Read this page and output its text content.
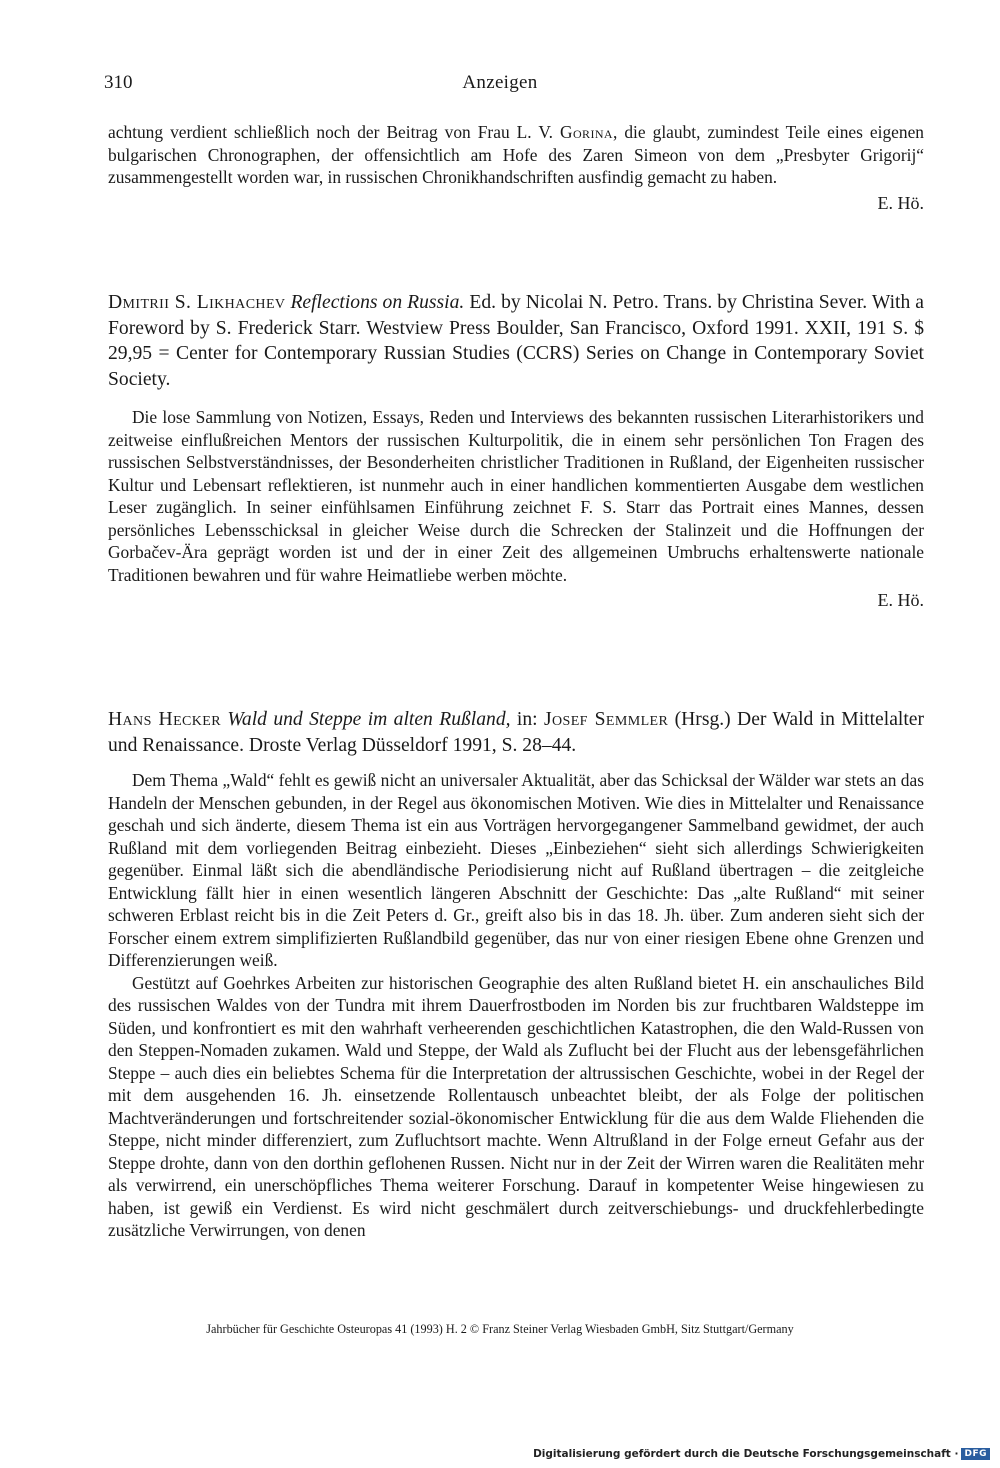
310	Anzeigen

achtung verdient schließlich noch der Beitrag von Frau L. V. Gorina, die glaubt, zumindest Teile eines eigenen bulgarischen Chronographen, der offensichtlich am Hofe des Zaren Simeon von dem „Presbyter Grigorij“ zusammengestellt worden war, in russischen Chronikhandschriften ausfindig gemacht zu haben.

E. Hö.
Dmitrii S. Likhachev Reflections on Russia. Ed. by Nicolai N. Petro. Trans. by Christina Sever. With a Foreword by S. Frederick Starr. Westview Press Boulder, San Francisco, Oxford 1991. XXII, 191 S. $ 29,95 = Center for Contemporary Russian Studies (CCRS) Series on Change in Contemporary Soviet Society.

Die lose Sammlung von Notizen, Essays, Reden und Interviews des bekannten russischen Literarhistorikers und zeitweise einflußreichen Mentors der russischen Kulturpolitik, die in einem sehr persönlichen Ton Fragen des russischen Selbstverständnisses, der Besonderheiten christlicher Traditionen in Rußland, der Eigenheiten russischer Kultur und Lebensart reflektieren, ist nunmehr auch in einer handlichen kommentierten Ausgabe dem westlichen Leser zugänglich. In seiner einfühlsamen Einführung zeichnet F. S. Starr das Portrait eines Mannes, dessen persönliches Lebensschicksal in gleicher Weise durch die Schrecken der Stalinzeit und die Hoffnungen der Gorbačev-Ära geprägt worden ist und der in einer Zeit des allgemeinen Umbruchs erhaltenswerte nationale Traditionen bewahren und für wahre Heimatliebe werben möchte.

E. Hö.
Hans Hecker Wald und Steppe im alten Rußland, in: Josef Semmler (Hrsg.) Der Wald in Mittelalter und Renaissance. Droste Verlag Düsseldorf 1991, S. 28–44.

Dem Thema „Wald“ fehlt es gewiß nicht an universaler Aktualität, aber das Schicksal der Wälder war stets an das Handeln der Menschen gebunden, in der Regel aus ökonomischen Motiven. Wie dies in Mittelalter und Renaissance geschah und sich änderte, diesem Thema ist ein aus Vorträgen hervorgegangener Sammelband gewidmet, der auch Rußland mit dem vorliegenden Beitrag einbezieht. Dieses „Einbeziehen“ sieht sich allerdings Schwierigkeiten gegenüber. Einmal läßt sich die abendländische Periodisierung nicht auf Rußland übertragen – die zeitgleiche Entwicklung fällt hier in einen wesentlich längeren Abschnitt der Geschichte: Das „alte Rußland“ mit seiner schweren Erblast reicht bis in die Zeit Peters d. Gr., greift also bis in das 18. Jh. über. Zum anderen sieht sich der Forscher einem extrem simplifizierten Rußlandbild gegenüber, das nur von einer riesigen Ebene ohne Grenzen und Differenzierungen weiß.

Gestützt auf Goehrkes Arbeiten zur historischen Geographie des alten Rußland bietet H. ein anschauliches Bild des russischen Waldes von der Tundra mit ihrem Dauerfrostboden im Norden bis zur fruchtbaren Waldsteppe im Süden, und konfrontiert es mit den wahrhaft verheerenden geschichtlichen Katastrophen, die den Wald-Russen von den Steppen-Nomaden zukamen. Wald und Steppe, der Wald als Zuflucht bei der Flucht aus der lebensgefährlichen Steppe – auch dies ein beliebtes Schema für die Interpretation der altrussischen Geschichte, wobei in der Regel der mit dem ausgehenden 16. Jh. einsetzende Rollentausch unbeachtet bleibt, der als Folge der politischen Machtveränderungen und fortschreitender sozial-ökonomischer Entwicklung für die aus dem Walde Fliehenden die Steppe, nicht minder differenziert, zum Zufluchtsort machte. Wenn Altrußland in der Folge erneut Gefahr aus der Steppe drohte, dann von den dorthin geflohenen Russen. Nicht nur in der Zeit der Wirren waren die Realitäten mehr als verwirrend, ein unerschöpfliches Thema weiterer Forschung. Darauf in kompetenter Weise hingewiesen zu haben, ist gewiß ein Verdienst. Es wird nicht geschmälert durch zeitverschiebungs- und druckfehlerbedingte zusätzliche Verwirrungen, von denen

Jahrbücher für Geschichte Osteuropas 41 (1993) H. 2 © Franz Steiner Verlag Wiesbaden GmbH, Sitz Stuttgart/Germany
Digitalisierung gefördert durch die Deutsche Forschungsgemeinschaft · DFG
